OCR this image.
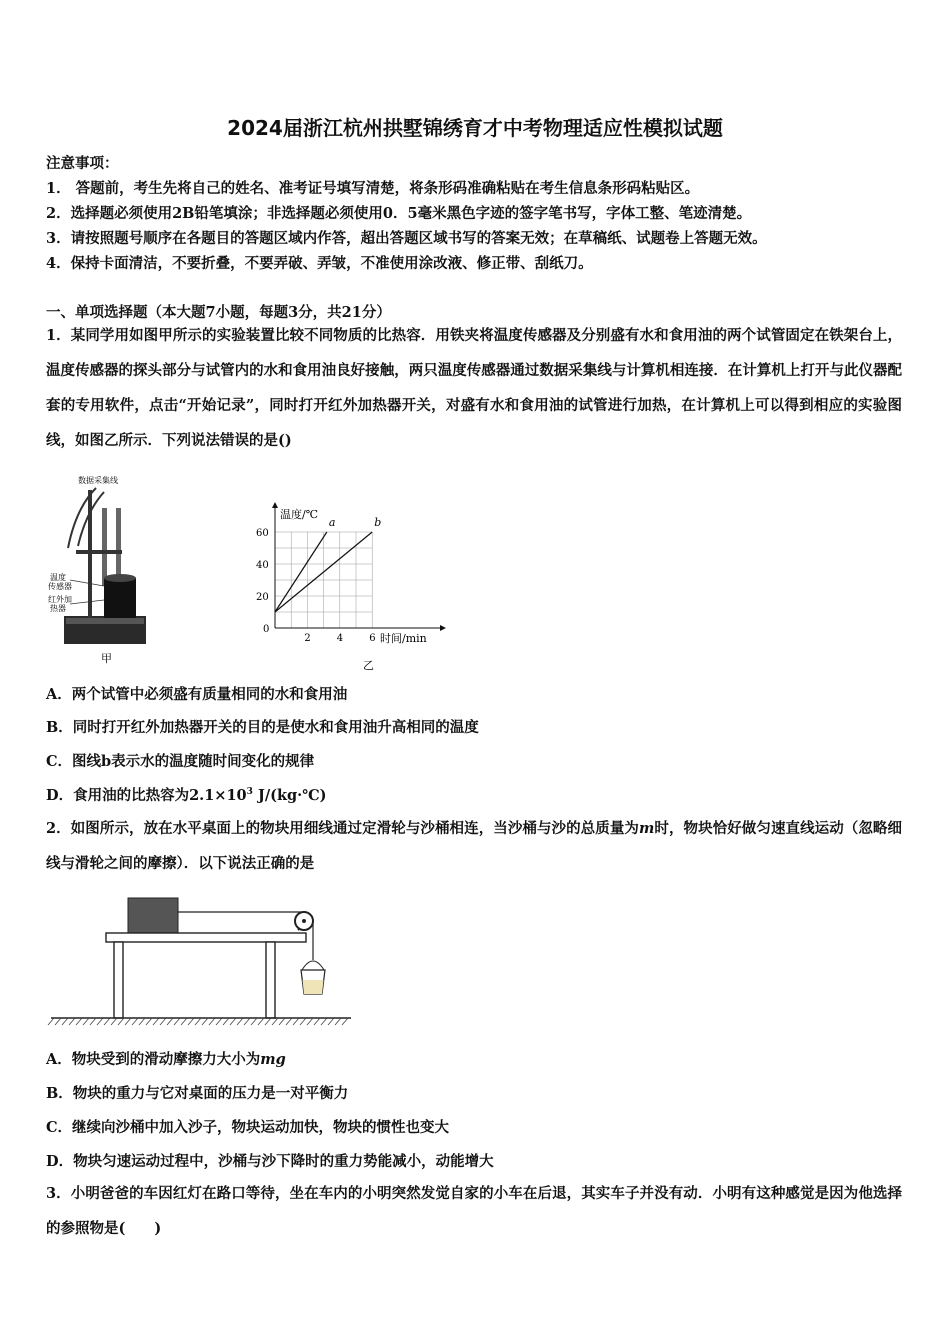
2024届浙江杭州拱墅锦绣育才中考物理适应性模拟试题
注意事项：
1． 答题前，考生先将自己的姓名、准考证号填写清楚，将条形码准确粘贴在考生信息条形码粘贴区。
2．选择题必须使用2B铅笔填涂；非选择题必须使用0．5毫米黑色字迹的签字笔书写，字体工整、笔迹清楚。
3．请按照题号顺序在各题目的答题区域内作答，超出答题区域书写的答案无效；在草稿纸、试题卷上答题无效。
4．保持卡面清洁，不要折叠，不要弄破、弄皱，不准使用涂改液、修正带、刮纸刀。
一、单项选择题（本大题7小题，每题3分，共21分）
1．某同学用如图甲所示的实验装置比较不同物质的比热容．用铁夹将温度传感器及分别盛有水和食用油的两个试管固定在铁架台上，温度传感器的探头部分与试管内的水和食用油良好接触，两只温度传感器通过数据采集线与计算机相连接．在计算机上打开与此仪器配套的专用软件，点击“开始记录”，同时打开红外加热器开关，对盛有水和食用油的试管进行加热，在计算机上可以得到相应的实验图线，如图乙所示．下列说法错误的是()
数据采集线
温度传感器
红外加热器
甲
温度/℃
时间/min
0
2	4	6
20
40
60
a	b
乙
A．两个试管中必须盛有质量相同的水和食用油
B．同时打开红外加热器开关的目的是使水和食用油升高相同的温度
C．图线b表示水的温度随时间变化的规律
D．食用油的比热容为$2.1\times 10^3$ J/(kg·℃)
2．如图所示，放在水平桌面上的物块用细线通过定滑轮与沙桶相连，当沙桶与沙的总质量为m时，物块恰好做匀速直线运动（忽略细线与滑轮之间的摩擦）．以下说法正确的是
A．物块受到的滑动摩擦力大小为mg
B．物块的重力与它对桌面的压力是一对平衡力
C．继续向沙桶中加入沙子，物块运动加快，物块的惯性也变大
D．物块匀速运动过程中，沙桶与沙下降时的重力势能减小，动能增大
3．小明爸爸的车因红灯在路口等待，坐在车内的小明突然发觉自家的小车在后退，其实车子并没有动．小明有这种感觉是因为他选择的参照物是(　　)
